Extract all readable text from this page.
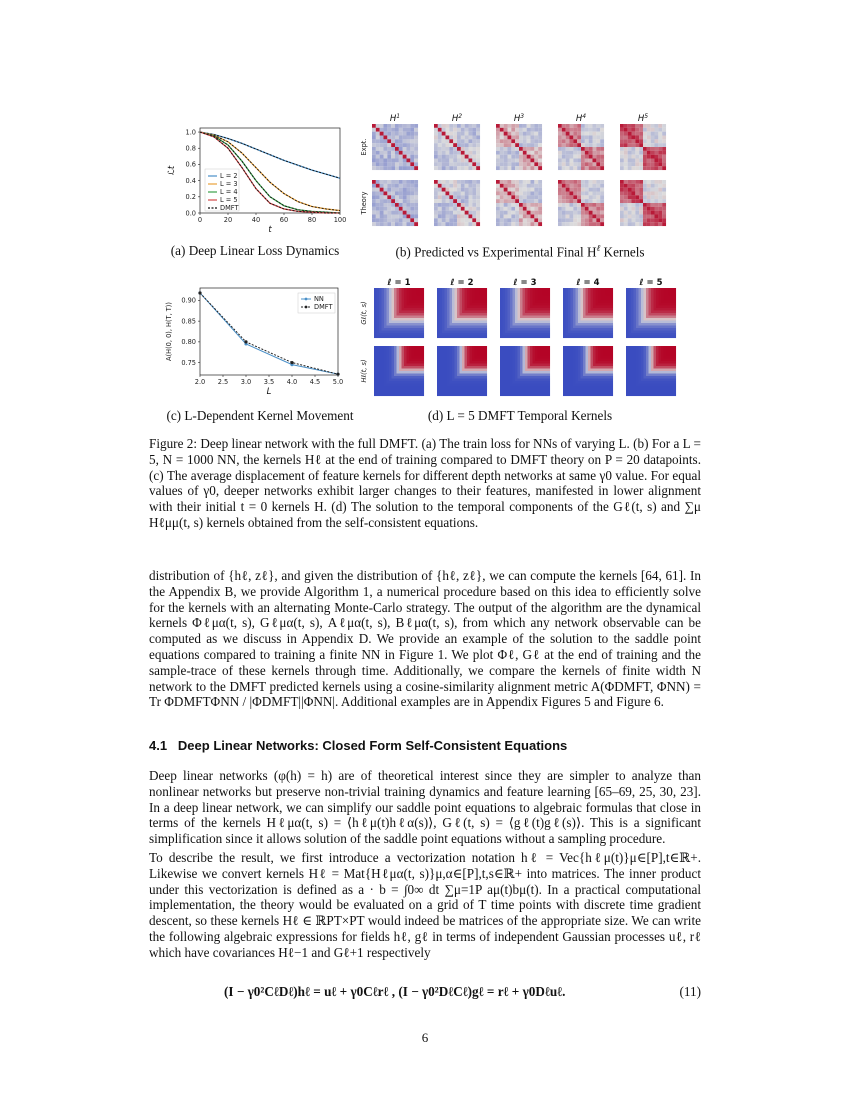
0	20	40	60	80	100
0.0
0.2
0.4
0.6
0.8
1.0
t
ℒt
L = 2
L = 3
L = 4
L = 5
DMFT
(a) Deep Linear Loss Dynamics
$H^1$	$H^2$	$H^3$	$H^4$	$H^5$
Expt.
Theory
(b) Predicted vs Experimental Final $H^\ell$ Kernels
2.0 2.5 3.0 3.5 4.0 4.5 5.0
0.75
0.80
0.85
0.90
L
A(H(0, 0), H(T, T))
NN
DMFT
(c) L-Dependent Kernel Movement
ℓ = 1	ℓ = 2	ℓ = 3	ℓ = 4	ℓ = 5
Gℓ(t, s)
Hℓ(t, s)
(d) L = 5 DMFT Temporal Kernels
Figure 2: Deep linear network with the full DMFT. (a) The train loss for NNs of varying L. (b) For a L = 5, N = 1000 NN, the kernels Hℓ at the end of training compared to DMFT theory on P = 20 datapoints. (c) The average displacement of feature kernels for different depth networks at same γ0 value. For equal values of γ0, deeper networks exhibit larger changes to their features, manifested in lower alignment with their initial t = 0 kernels H. (d) The solution to the temporal components of the Gℓ(t, s) and ∑μ Hℓμμ(t, s) kernels obtained from the self-consistent equations.
distribution of {hℓ, zℓ}, and given the distribution of {hℓ, zℓ}, we can compute the kernels [64, 61]. In the Appendix B, we provide Algorithm 1, a numerical procedure based on this idea to efficiently solve for the kernels with an alternating Monte-Carlo strategy. The output of the algorithm are the dynamical kernels Φℓμα(t, s), Gℓμα(t, s), Aℓμα(t, s), Bℓμα(t, s), from which any network observable can be computed as we discuss in Appendix D. We provide an example of the solution to the saddle point equations compared to training a finite NN in Figure 1. We plot Φℓ, Gℓ at the end of training and the sample-trace of these kernels through time. Additionally, we compare the kernels of finite width N network to the DMFT predicted kernels using a cosine-similarity alignment metric A(ΦDMFT, ΦNN) = Tr ΦDMFTΦNN / |ΦDMFT||ΦNN|. Additional examples are in Appendix Figures 5 and Figure 6.
4.1 Deep Linear Networks: Closed Form Self-Consistent Equations
Deep linear networks (φ(h) = h) are of theoretical interest since they are simpler to analyze than nonlinear networks but preserve non-trivial training dynamics and feature learning [65–69, 25, 30, 23]. In a deep linear network, we can simplify our saddle point equations to algebraic formulas that close in terms of the kernels Hℓμα(t, s) = ⟨hℓμ(t)hℓα(s)⟩, Gℓ(t, s) = ⟨gℓ(t)gℓ(s)⟩. This is a significant simplification since it allows solution of the saddle point equations without a sampling procedure.
To describe the result, we first introduce a vectorization notation hℓ = Vec{hℓμ(t)}μ∈[P],t∈ℝ+. Likewise we convert kernels Hℓ = Mat{Hℓμα(t, s)}μ,α∈[P],t,s∈ℝ+ into matrices. The inner product under this vectorization is defined as a · b = ∫0∞ dt ∑μ=1P aμ(t)bμ(t). In a practical computational implementation, the theory would be evaluated on a grid of T time points with discrete time gradient descent, so these kernels Hℓ ∈ ℝPT×PT would indeed be matrices of the appropriate size. We can write the following algebraic expressions for fields hℓ, gℓ in terms of independent Gaussian processes uℓ, rℓ which have covariances Hℓ−1 and Gℓ+1 respectively
(I − γ0²CℓDℓ)hℓ = uℓ + γ0Cℓrℓ , (I − γ0²DℓCℓ)gℓ = rℓ + γ0Dℓuℓ.	(11)
6
